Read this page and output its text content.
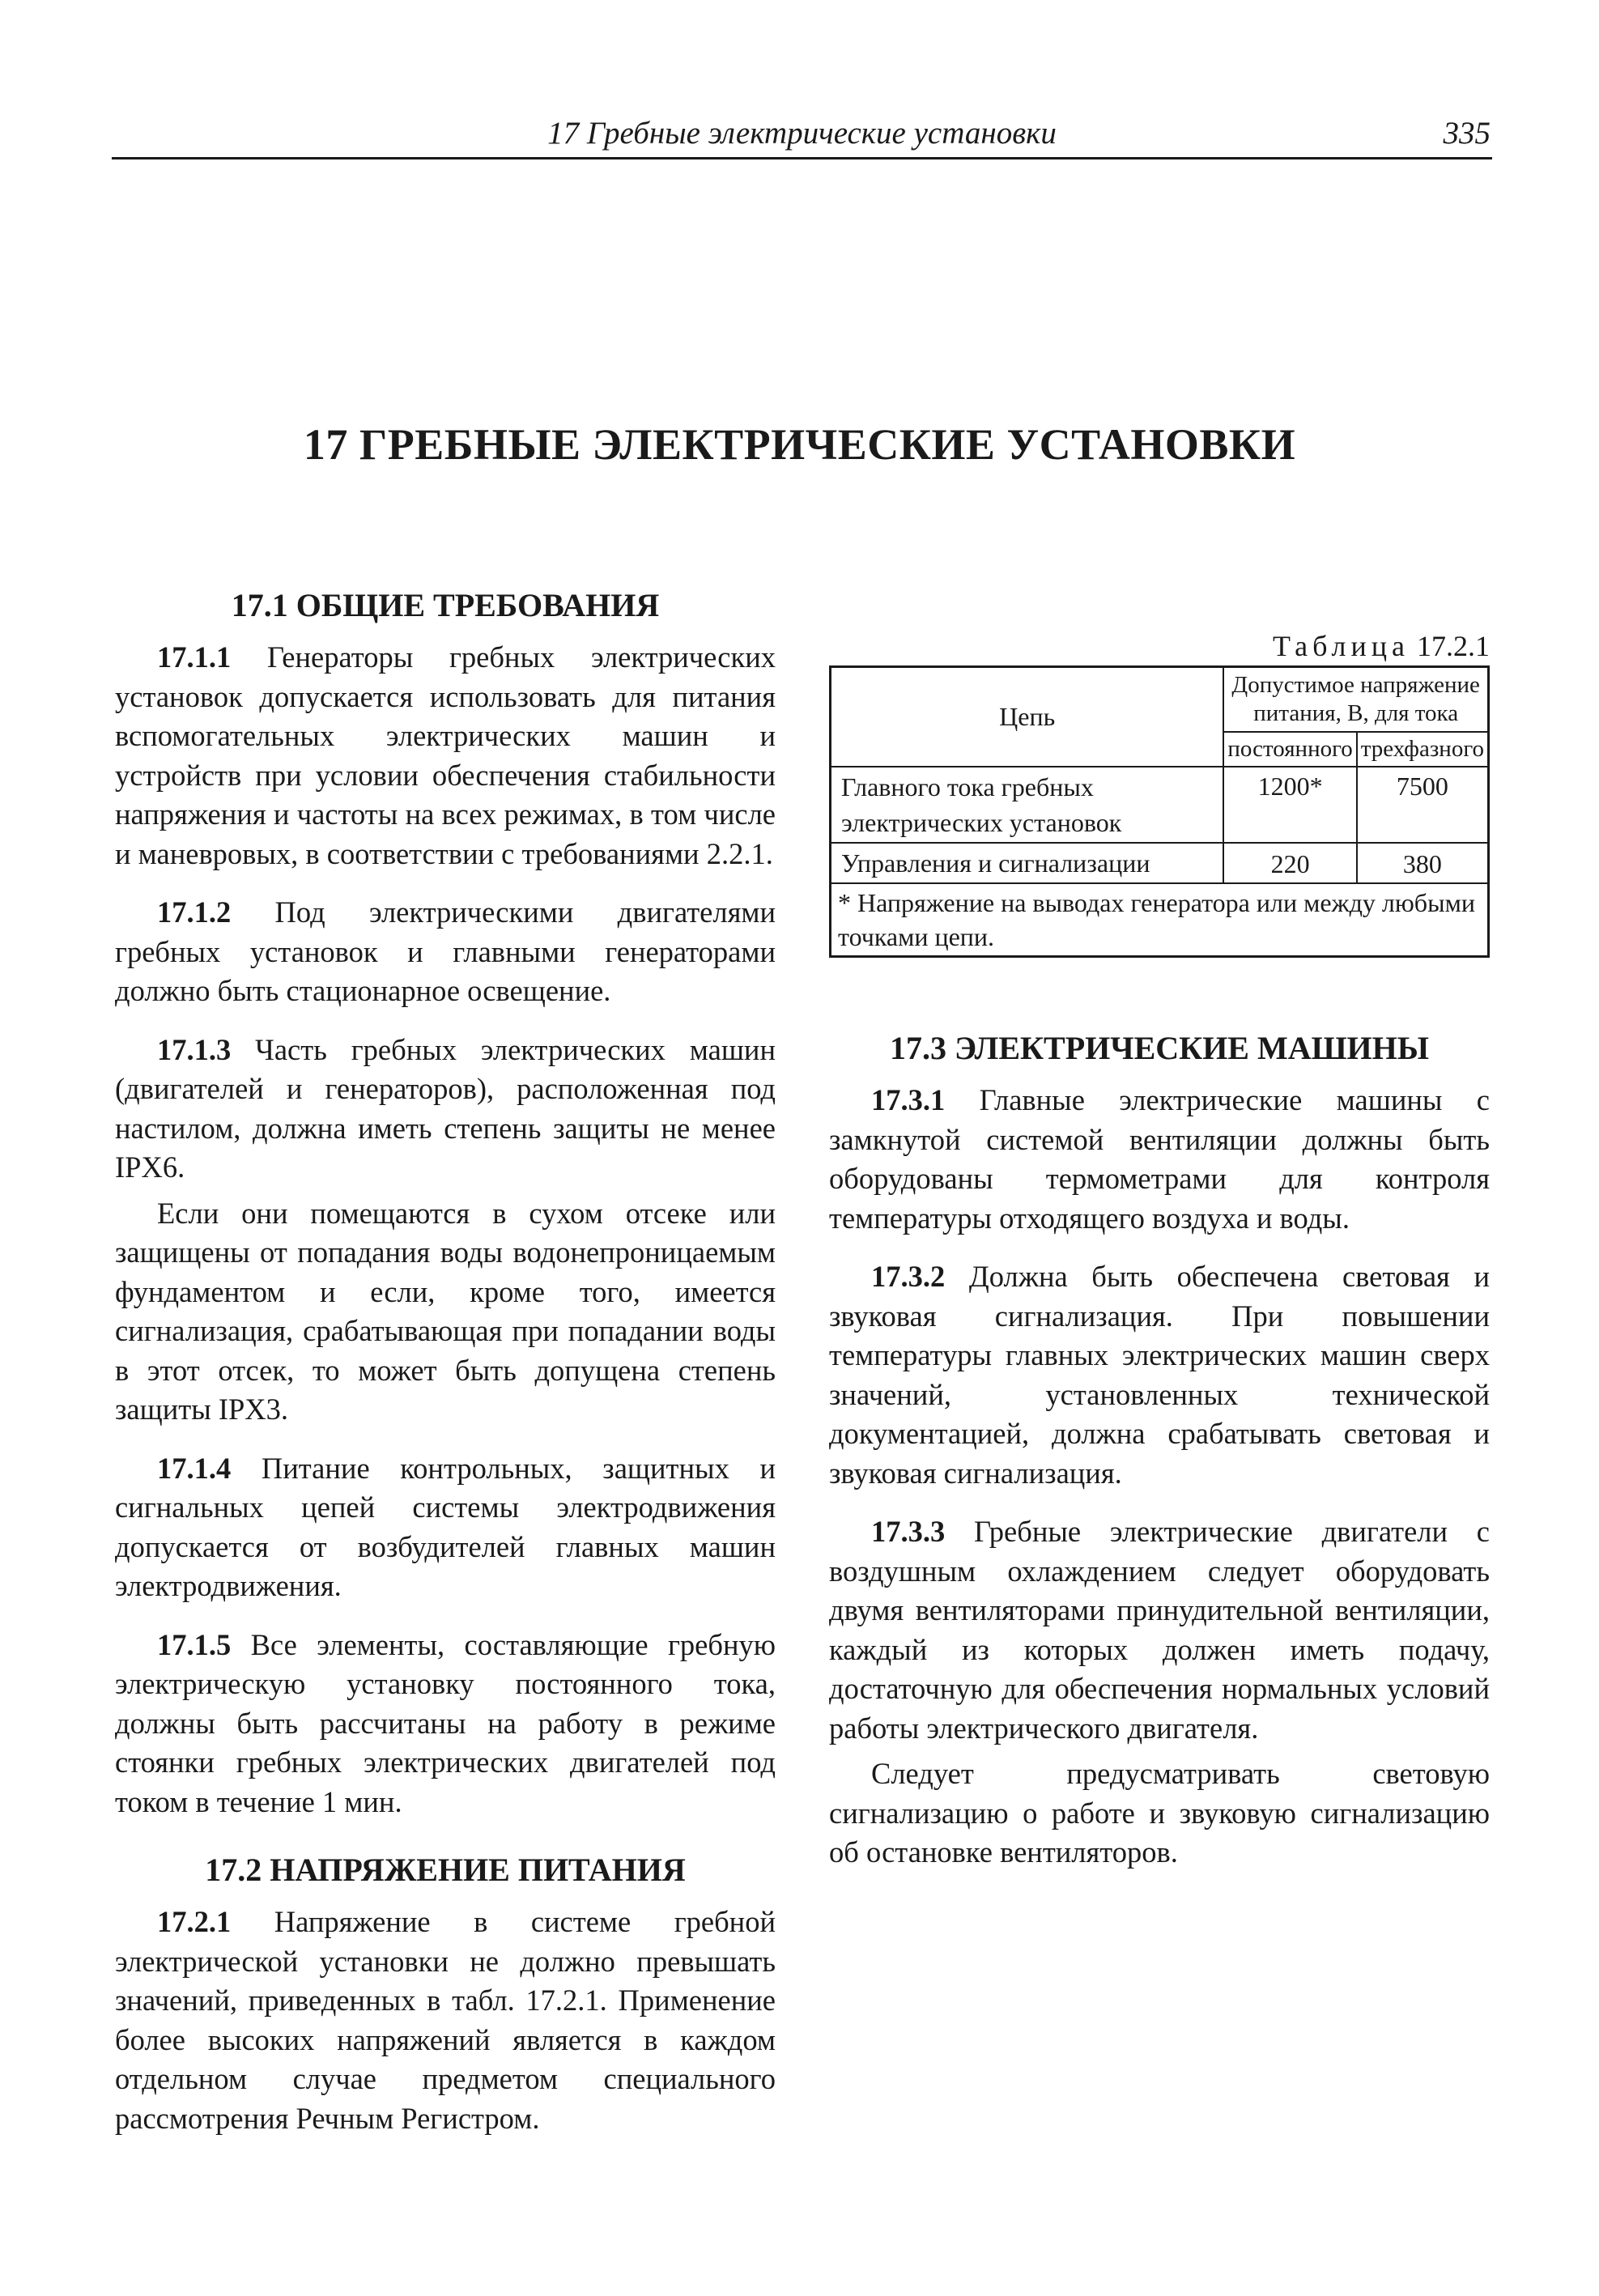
17 Гребные электрические установки	335
17 ГРЕБНЫЕ ЭЛЕКТРИЧЕСКИЕ УСТАНОВКИ
17.1 ОБЩИЕ ТРЕБОВАНИЯ

17.1.1 Генераторы гребных электрических установок допускается использовать для питания вспомогательных электрических машин и устройств при условии обеспечения стабильности напряжения и частоты на всех режимах, в том числе и маневровых, в соответствии с требованиями 2.2.1.

17.1.2 Под электрическими двигателями гребных установок и главными генераторами должно быть стационарное освещение.

17.1.3 Часть гребных электрических машин (двигателей и генераторов), расположенная под настилом, должна иметь степень защиты не менее IPX6.

Если они помещаются в сухом отсеке или защищены от попадания воды водонепроницаемым фундаментом и если, кроме того, имеется сигнализация, срабатывающая при попадании воды в этот отсек, то может быть допущена степень защиты IPX3.

17.1.4 Питание контрольных, защитных и сигнальных цепей системы электродвижения допускается от возбудителей главных машин электродвижения.

17.1.5 Все элементы, составляющие гребную электрическую установку постоянного тока, должны быть рассчитаны на работу в режиме стоянки гребных электрических двигателей под током в течение 1 мин.

17.2 НАПРЯЖЕНИЕ ПИТАНИЯ

17.2.1 Напряжение в системе гребной электрической установки не должно превышать значений, приведенных в табл. 17.2.1. Применение более высоких напряжений является в каждом отдельном случае предметом специального рассмотрения Речным Регистром.

Таблица 17.2.1
Цепь	Допустимое напряжение питания, В, для тока	
	постоянного	трехфазного
Главного тока гребных электрических установок	1200*	7500
Управления и сигнализации	220	380
* Напряжение на выводах генератора или между любыми точками цепи.		
17.3 ЭЛЕКТРИЧЕСКИЕ МАШИНЫ

17.3.1 Главные электрические машины с замкнутой системой вентиляции должны быть оборудованы термометрами для контроля температуры отходящего воздуха и воды.

17.3.2 Должна быть обеспечена световая и звуковая сигнализация. При повышении температуры главных электрических машин сверх значений, установленных технической документацией, должна срабатывать световая и звуковая сигнализация.

17.3.3 Гребные электрические двигатели с воздушным охлаждением следует оборудовать двумя вентиляторами принудительной вентиляции, каждый из которых должен иметь подачу, достаточную для обеспечения нормальных условий работы электрического двигателя.

Следует предусматривать световую сигнализацию о работе и звуковую сигнализацию об остановке вентиляторов.
